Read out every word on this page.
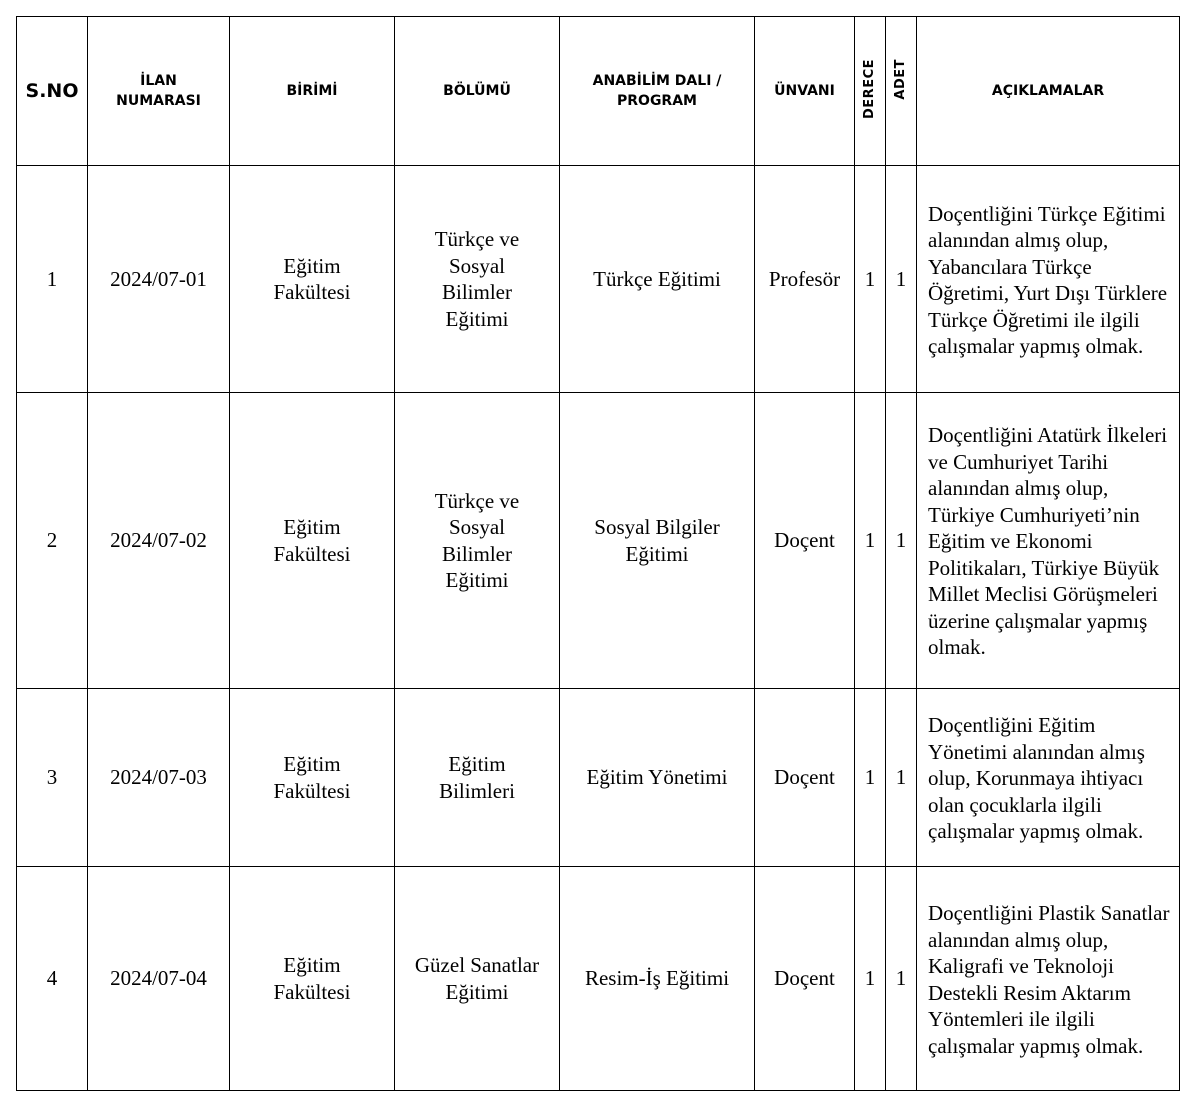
S.NO	İLAN NUMARASI	BİRİMİ	BÖLÜMÜ	ANABİLİM DALI / PROGRAM	ÜNVANI	DERECE	ADET	AÇIKLAMALAR
1	2024/07-01	Eğitim Fakültesi	Türkçe ve Sosyal Bilimler Eğitimi	Türkçe Eğitimi	Profesör	1	1	Doçentliğini Türkçe Eğitimi alanından almış olup, Yabancılara Türkçe Öğretimi, Yurt Dışı Türklere Türkçe Öğretimi ile ilgili çalışmalar yapmış olmak.
2	2024/07-02	Eğitim Fakültesi	Türkçe ve Sosyal Bilimler Eğitimi	Sosyal Bilgiler Eğitimi	Doçent	1	1	Doçentliğini Atatürk İlkeleri ve Cumhuriyet Tarihi alanından almış olup, Türkiye Cumhuriyeti’nin Eğitim ve Ekonomi Politikaları, Türkiye Büyük Millet Meclisi Görüşmeleri üzerine çalışmalar yapmış olmak.
3	2024/07-03	Eğitim Fakültesi	Eğitim Bilimleri	Eğitim Yönetimi	Doçent	1	1	Doçentliğini Eğitim Yönetimi alanından almış olup, Korunmaya ihtiyacı olan çocuklarla ilgili çalışmalar yapmış olmak.
4	2024/07-04	Eğitim Fakültesi	Güzel Sanatlar Eğitimi	Resim-İş Eğitimi	Doçent	1	1	Doçentliğini Plastik Sanatlar alanından almış olup, Kaligrafi ve Teknoloji Destekli Resim Aktarım Yöntemleri ile ilgili çalışmalar yapmış olmak.
